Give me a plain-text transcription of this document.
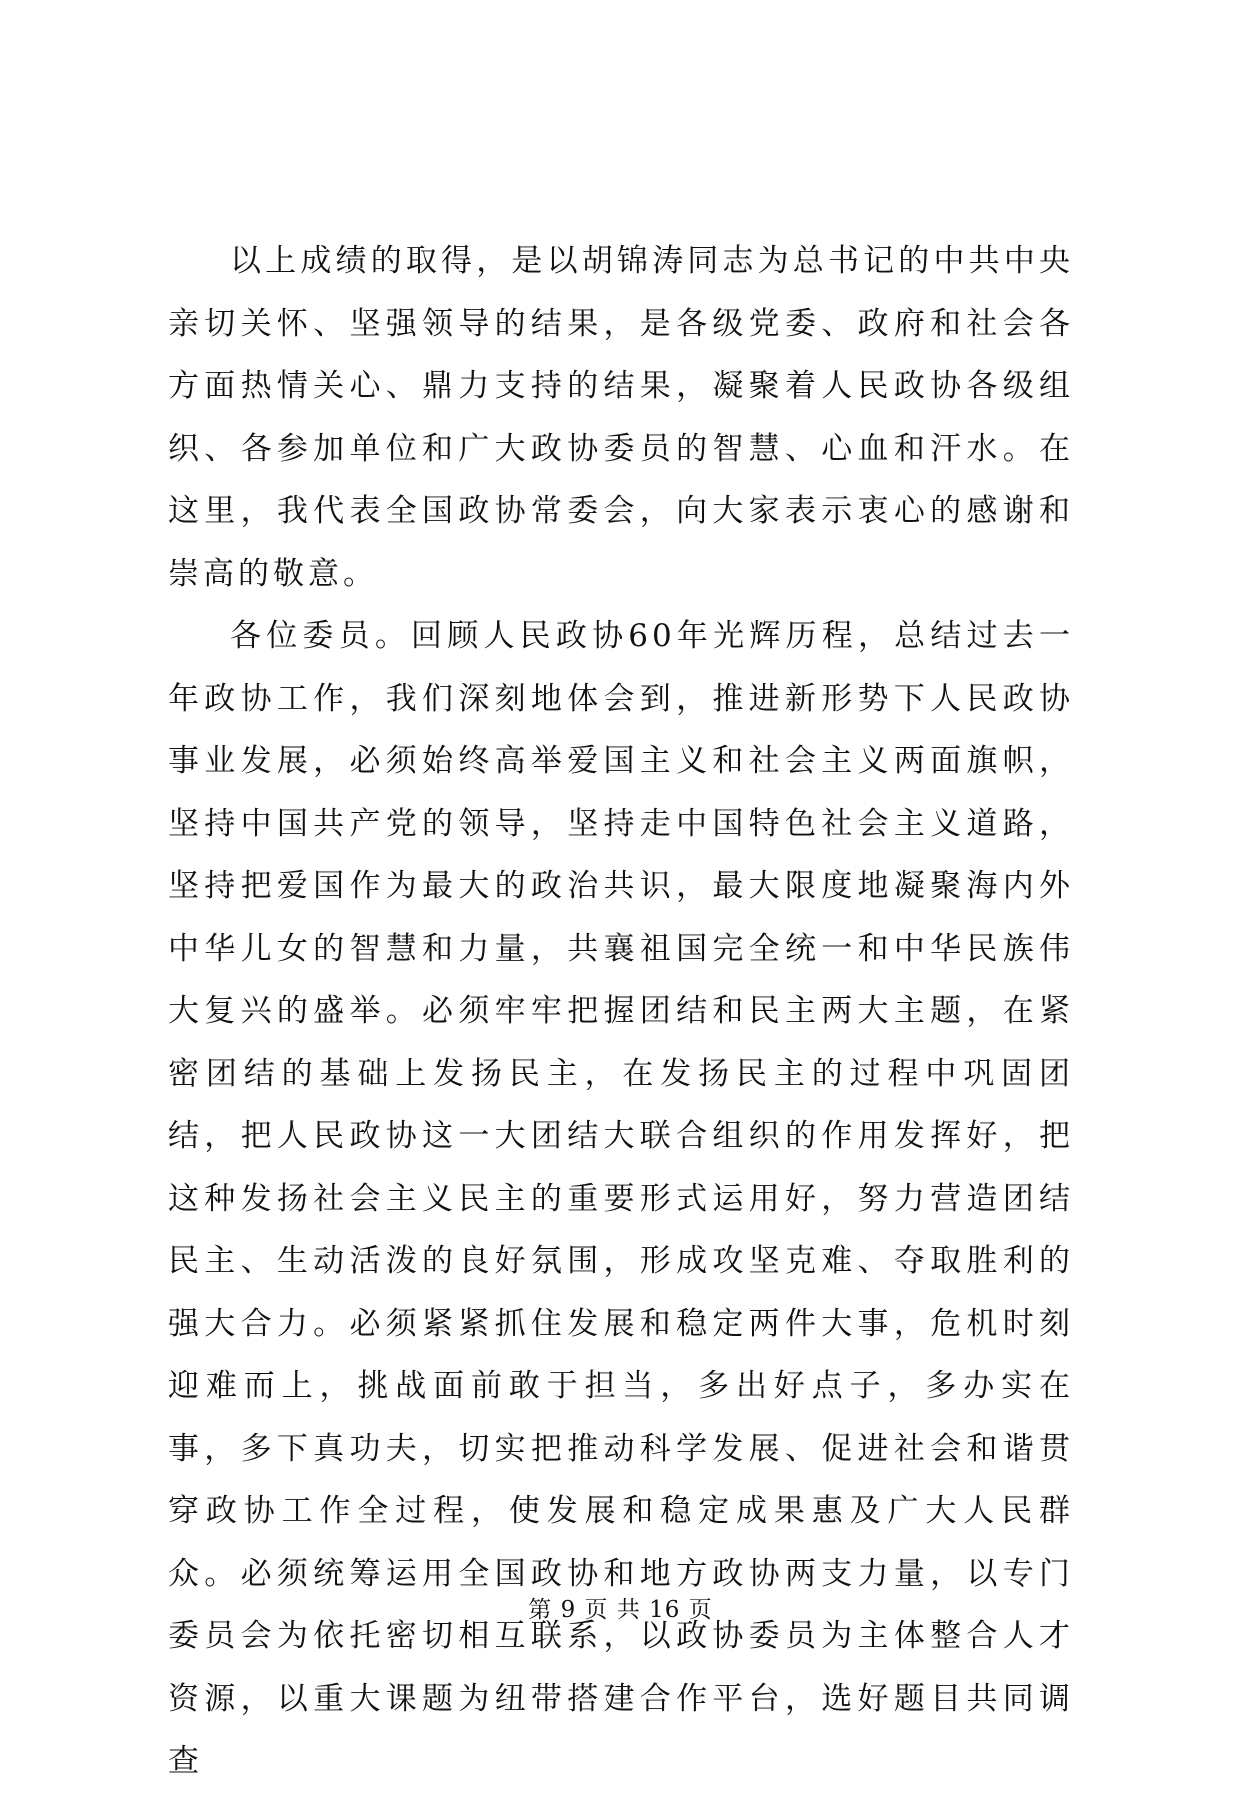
以上成绩的取得，是以胡锦涛同志为总书记的中共中央亲切关怀、坚强领导的结果，是各级党委、政府和社会各方面热情关心、鼎力支持的结果，凝聚着人民政协各级组织、各参加单位和广大政协委员的智慧、心血和汗水。在这里，我代表全国政协常委会，向大家表示衷心的感谢和崇高的敬意。

各位委员。回顾人民政协60年光辉历程，总结过去一年政协工作，我们深刻地体会到，推进新形势下人民政协事业发展，必须始终高举爱国主义和社会主义两面旗帜，坚持中国共产党的领导，坚持走中国特色社会主义道路，坚持把爱国作为最大的政治共识，最大限度地凝聚海内外中华儿女的智慧和力量，共襄祖国完全统一和中华民族伟大复兴的盛举。必须牢牢把握团结和民主两大主题，在紧密团结的基础上发扬民主，在发扬民主的过程中巩固团结，把人民政协这一大团结大联合组织的作用发挥好，把这种发扬社会主义民主的重要形式运用好，努力营造团结民主、生动活泼的良好氛围，形成攻坚克难、夺取胜利的强大合力。必须紧紧抓住发展和稳定两件大事，危机时刻迎难而上，挑战面前敢于担当，多出好点子，多办实在事，多下真功夫，切实把推动科学发展、促进社会和谐贯穿政协工作全过程，使发展和稳定成果惠及广大人民群众。必须统筹运用全国政协和地方政协两支力量，以专门委员会为依托密切相互联系，以政协委员为主体整合人才资源，以重大课题为纽带搭建合作平台，选好题目共同调查

第 9 页 共 16 页
